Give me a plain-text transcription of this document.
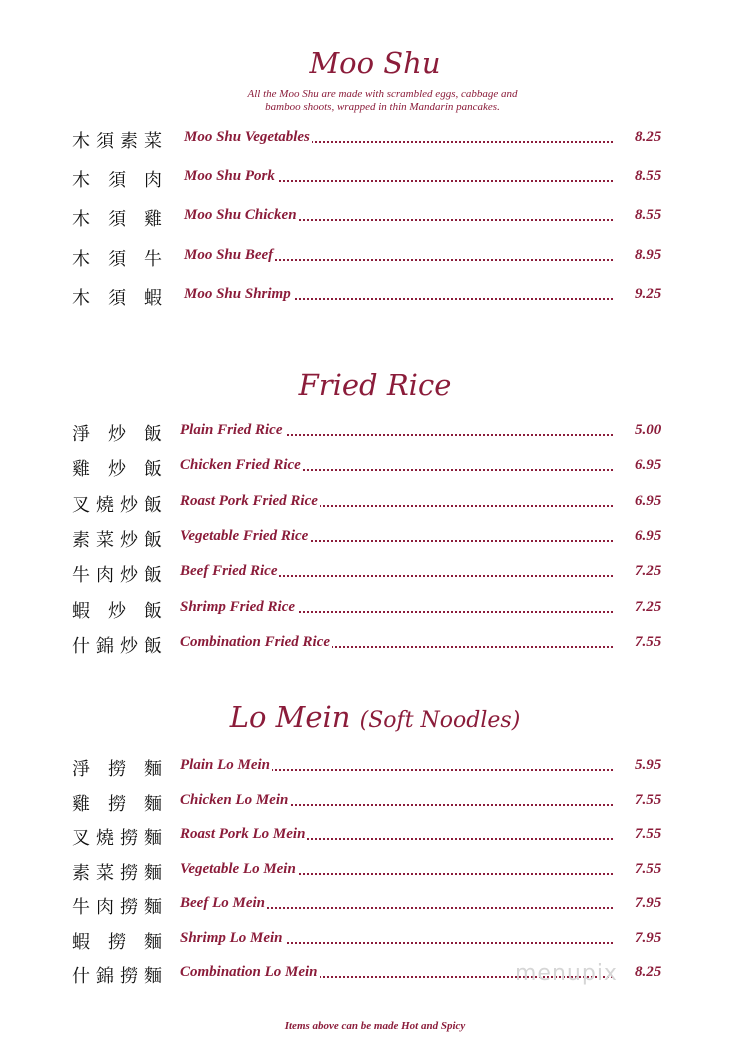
Moo Shu
All the Moo Shu are made with scrambled eggs, cabbage and
bamboo shoots, wrapped in thin Mandarin pancakes.
木 須 素 菜 Moo Shu Vegetables	8.25
木 須 肉 Moo Shu Pork	8.55
木 須 雞 Moo Shu Chicken	8.55
木 須 牛 Moo Shu Beef	8.95
木 須 蝦 Moo Shu Shrimp	9.25
Fried Rice
淨 炒 飯 Plain Fried Rice	5.00
雞 炒 飯 Chicken Fried Rice	6.95
叉 燒 炒 飯 Roast Pork Fried Rice	6.95
素 菜 炒 飯 Vegetable Fried Rice	6.95
牛 肉 炒 飯 Beef Fried Rice	7.25
蝦 炒 飯 Shrimp Fried Rice	7.25
什 錦 炒 飯 Combination Fried Rice	7.55
Lo Mein (Soft Noodles)
淨 撈 麵 Plain Lo Mein	5.95
雞 撈 麵 Chicken Lo Mein	7.55
叉 燒 撈 麵 Roast Pork Lo Mein	7.55
素 菜 撈 麵 Vegetable Lo Mein	7.55
牛 肉 撈 麵 Beef Lo Mein	7.95
蝦 撈 麵 Shrimp Lo Mein	7.95
什 錦 撈 麵 Combination Lo Mein	8.25
menupix
Items above can be made Hot and Spicy
